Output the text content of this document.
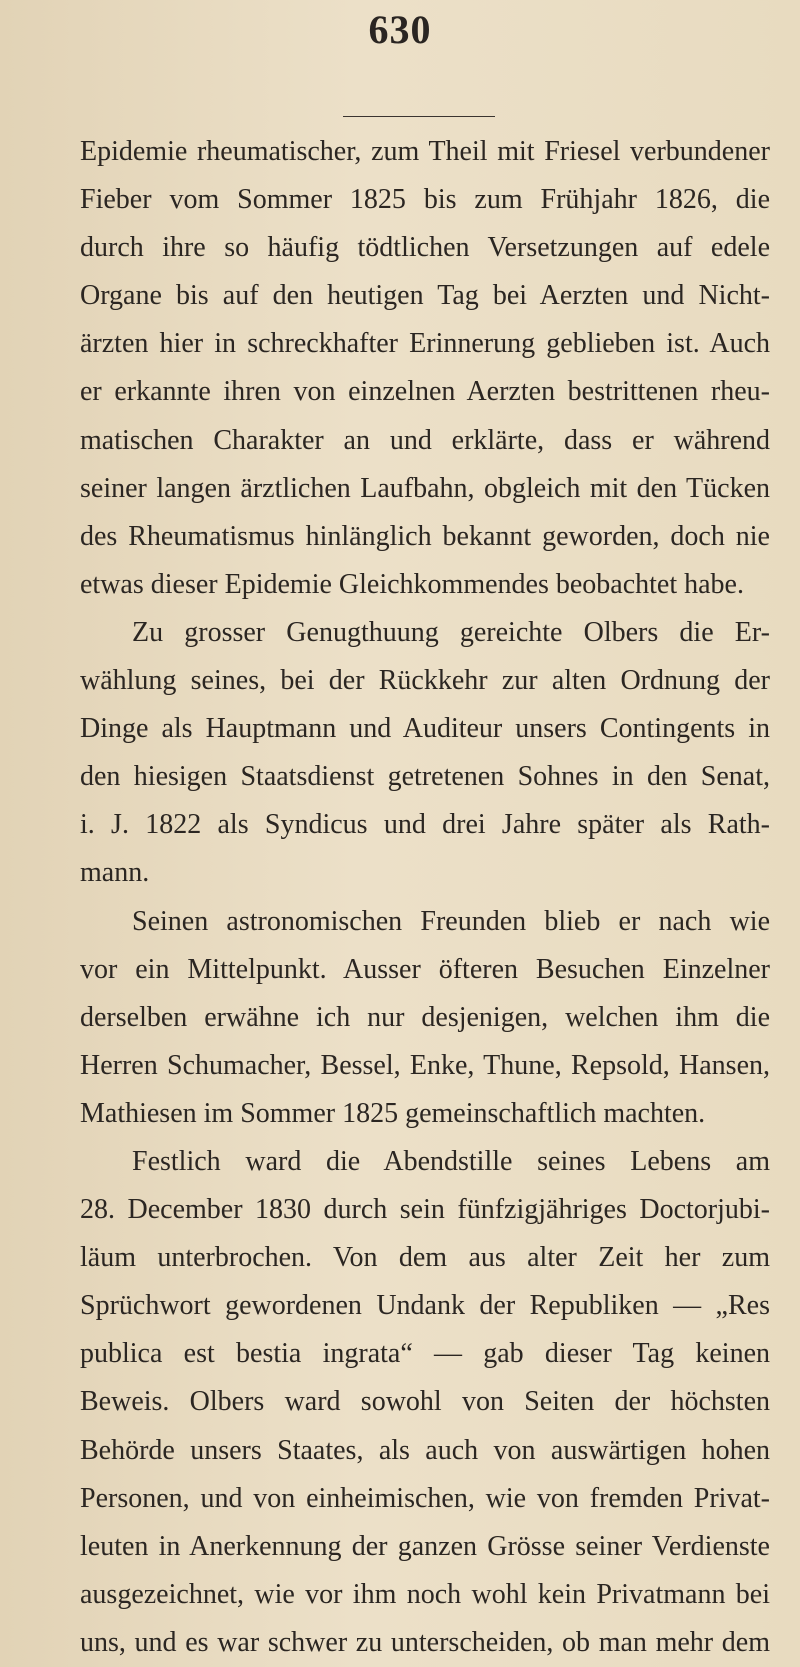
630
Epidemie rheumatischer, zum Theil mit Friesel verbundener
Fieber vom Sommer 1825 bis zum Frühjahr 1826, die
durch ihre so häufig tödtlichen Versetzungen auf edele
Organe bis auf den heutigen Tag bei Aerzten und Nicht-
ärzten hier in schreckhafter Erinnerung geblieben ist. Auch
er erkannte ihren von einzelnen Aerzten bestrittenen rheu-
matischen Charakter an und erklärte, dass er während
seiner langen ärztlichen Laufbahn, obgleich mit den Tücken
des Rheumatismus hinlänglich bekannt geworden, doch nie
etwas dieser Epidemie Gleichkommendes beobachtet habe.
Zu grosser Genugthuung gereichte Olbers die Er-
wählung seines, bei der Rückkehr zur alten Ordnung der
Dinge als Hauptmann und Auditeur unsers Contingents in
den hiesigen Staatsdienst getretenen Sohnes in den Senat,
i. J. 1822 als Syndicus und drei Jahre später als Rath-
mann.
Seinen astronomischen Freunden blieb er nach wie
vor ein Mittelpunkt. Ausser öfteren Besuchen Einzelner
derselben erwähne ich nur desjenigen, welchen ihm die
Herren Schumacher, Bessel, Enke, Thune, Repsold, Hansen,
Mathiesen im Sommer 1825 gemeinschaftlich machten.
Festlich ward die Abendstille seines Lebens am
28. December 1830 durch sein fünfzigjähriges Doctorjubi-
läum unterbrochen. Von dem aus alter Zeit her zum
Sprüchwort gewordenen Undank der Republiken — „Res
publica est bestia ingrata“ — gab dieser Tag keinen
Beweis. Olbers ward sowohl von Seiten der höchsten
Behörde unsers Staates, als auch von auswärtigen hohen
Personen, und von einheimischen, wie von fremden Privat-
leuten in Anerkennung der ganzen Grösse seiner Verdienste
ausgezeichnet, wie vor ihm noch wohl kein Privatmann bei
uns, und es war schwer zu unterscheiden, ob man mehr dem
